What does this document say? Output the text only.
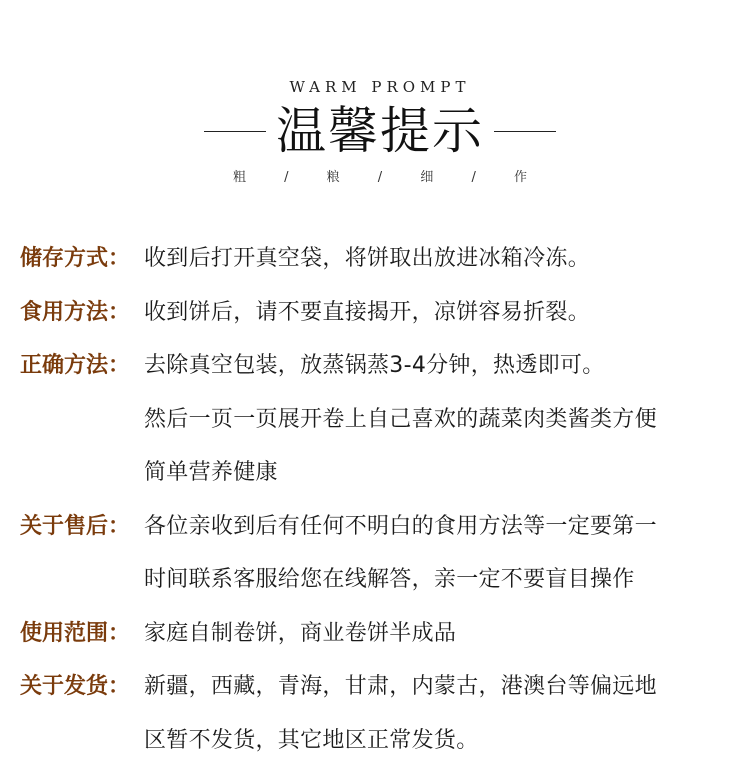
WARM PROMPT
温馨提示
粗	/	粮	/	细	/	作
储存方式： 收到后打开真空袋，将饼取出放进冰箱冷冻。
食用方法： 收到饼后，请不要直接揭开，凉饼容易折裂。
正确方法： 去除真空包装，放蒸锅蒸3-4分钟，热透即可。
然后一页一页展开卷上自己喜欢的蔬菜肉类酱类方便
简单营养健康
关于售后： 各位亲收到后有任何不明白的食用方法等一定要第一
时间联系客服给您在线解答，亲一定不要盲目操作
使用范围： 家庭自制卷饼，商业卷饼半成品
关于发货： 新疆，西藏，青海，甘肃，内蒙古，港澳台等偏远地
区暂不发货，其它地区正常发货。
